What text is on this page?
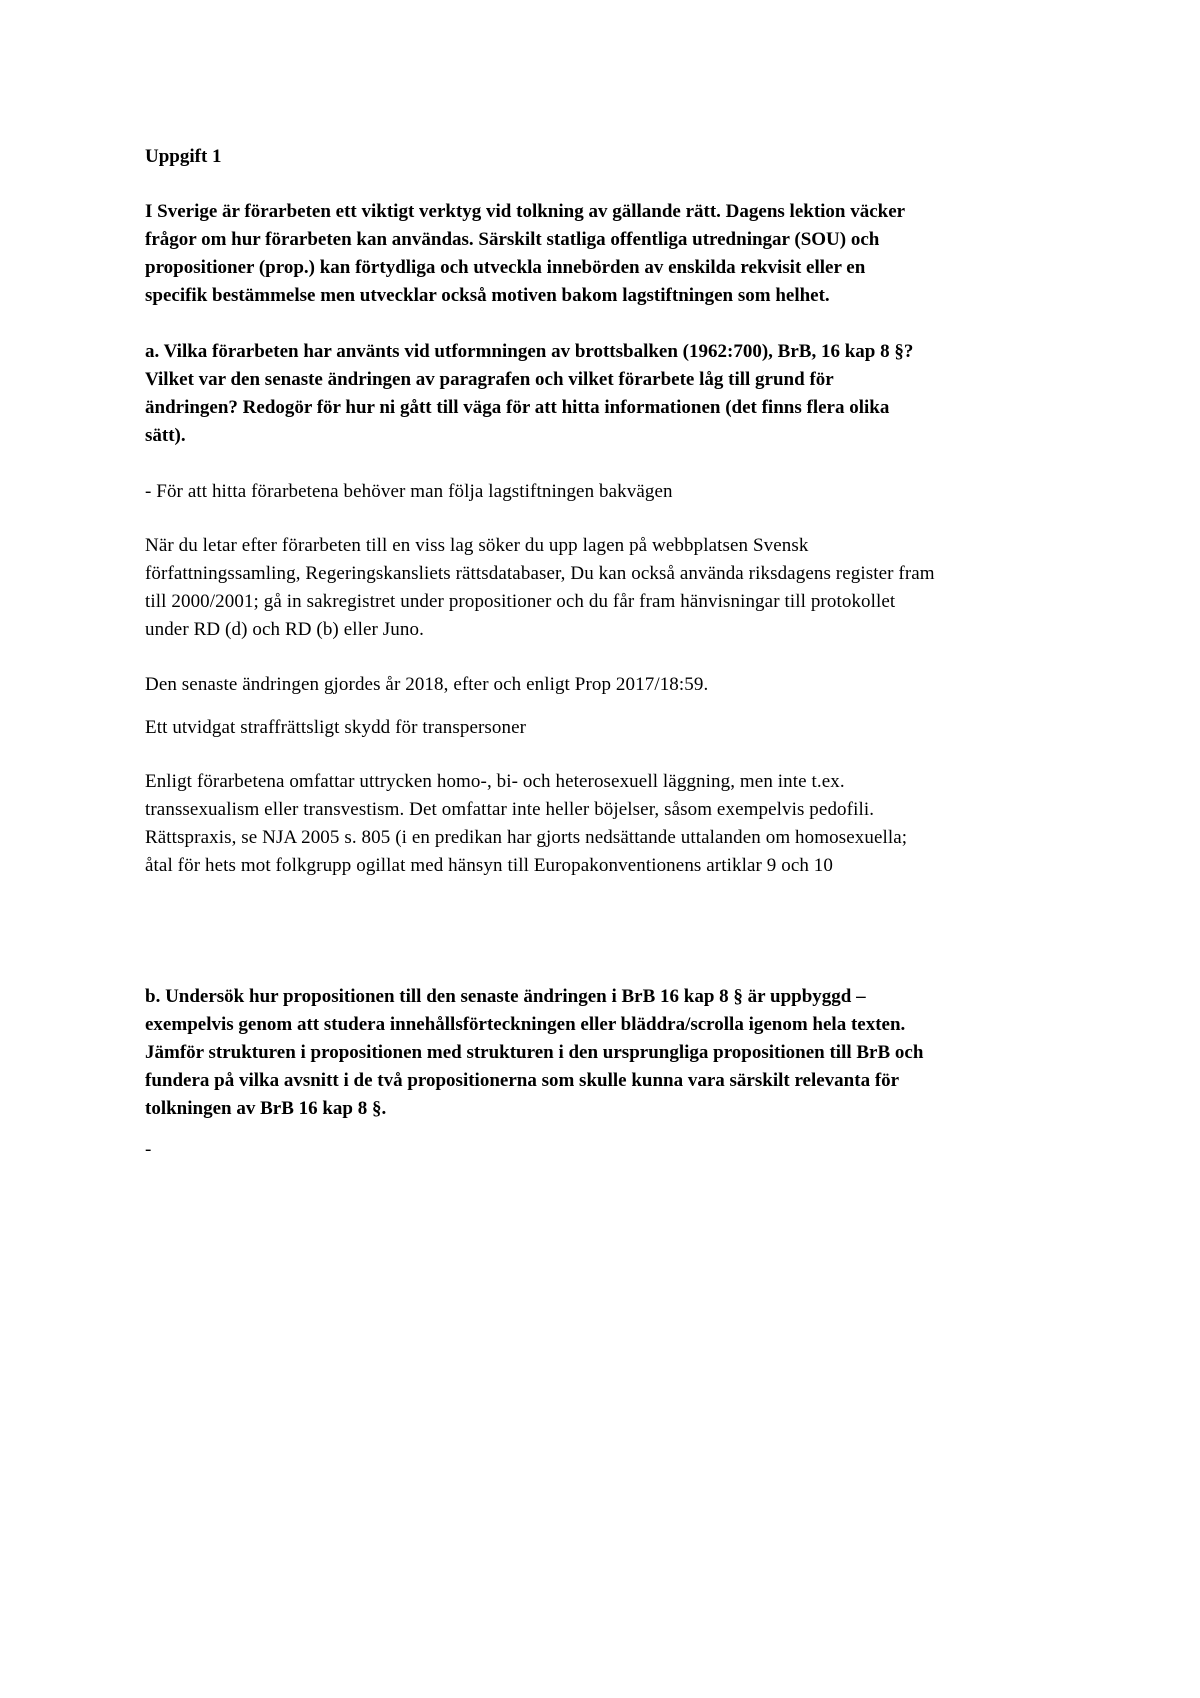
Uppgift 1

I Sverige är förarbeten ett viktigt verktyg vid tolkning av gällande rätt. Dagens lektion väcker
frågor om hur förarbeten kan användas. Särskilt statliga offentliga utredningar (SOU) och
propositioner (prop.) kan förtydliga och utveckla innebörden av enskilda rekvisit eller en
specifik bestämmelse men utvecklar också motiven bakom lagstiftningen som helhet.

a. Vilka förarbeten har använts vid utformningen av brottsbalken (1962:700), BrB, 16 kap 8 §?
Vilket var den senaste ändringen av paragrafen och vilket förarbete låg till grund för
ändringen? Redogör för hur ni gått till väga för att hitta informationen (det finns flera olika
sätt).

- För att hitta förarbetena behöver man följa lagstiftningen bakvägen

När du letar efter förarbeten till en viss lag söker du upp lagen på webbplatsen Svensk
författningssamling, Regeringskansliets rättsdatabaser, Du kan också använda riksdagens register fram
till 2000/2001; gå in sakregistret under propositioner och du får fram hänvisningar till protokollet
under RD (d) och RD (b) eller Juno.

Den senaste ändringen gjordes år 2018, efter och enligt Prop 2017/18:59.

Ett utvidgat straffrättsligt skydd för transpersoner

Enligt förarbetena omfattar uttrycken homo-, bi- och heterosexuell läggning, men inte t.ex.
transsexualism eller transvestism. Det omfattar inte heller böjelser, såsom exempelvis pedofili.
Rättspraxis, se NJA 2005 s. 805 (i en predikan har gjorts nedsättande uttalanden om homosexuella;
åtal för hets mot folkgrupp ogillat med hänsyn till Europakonventionens artiklar 9 och 10

b. Undersök hur propositionen till den senaste ändringen i BrB 16 kap 8 § är uppbyggd –
exempelvis genom att studera innehållsförteckningen eller bläddra/scrolla igenom hela texten.
Jämför strukturen i propositionen med strukturen i den ursprungliga propositionen till BrB och
fundera på vilka avsnitt i de två propositionerna som skulle kunna vara särskilt relevanta för
tolkningen av BrB 16 kap 8 §.

-
